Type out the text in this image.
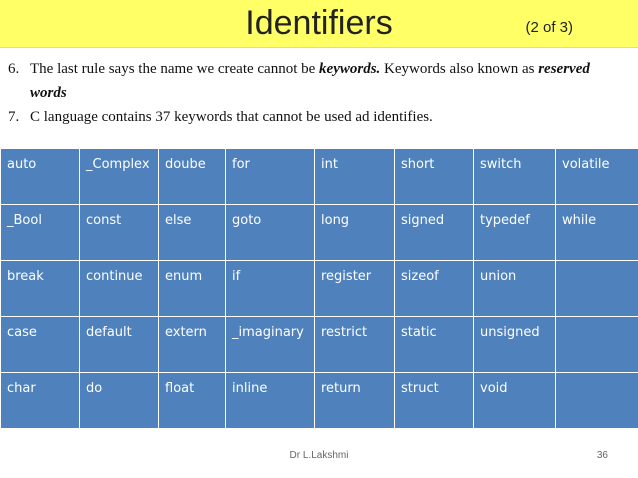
Identifiers	(2 of 3)
6. The last rule says the name we create cannot be keywords. Keywords also known as reserved
words
7. C language contains 37 keywords that cannot be used ad identifies.
auto	_Complex	doube	for	int	short	switch	volatile
_Bool	const	else	goto	long	signed	typedef	while
break	continue	enum	if	register	sizeof	union	
case	default	extern	_imaginary	restrict	static	unsigned	
char	do	float	inline	return	struct	void	
Dr L.Lakshmi	36
